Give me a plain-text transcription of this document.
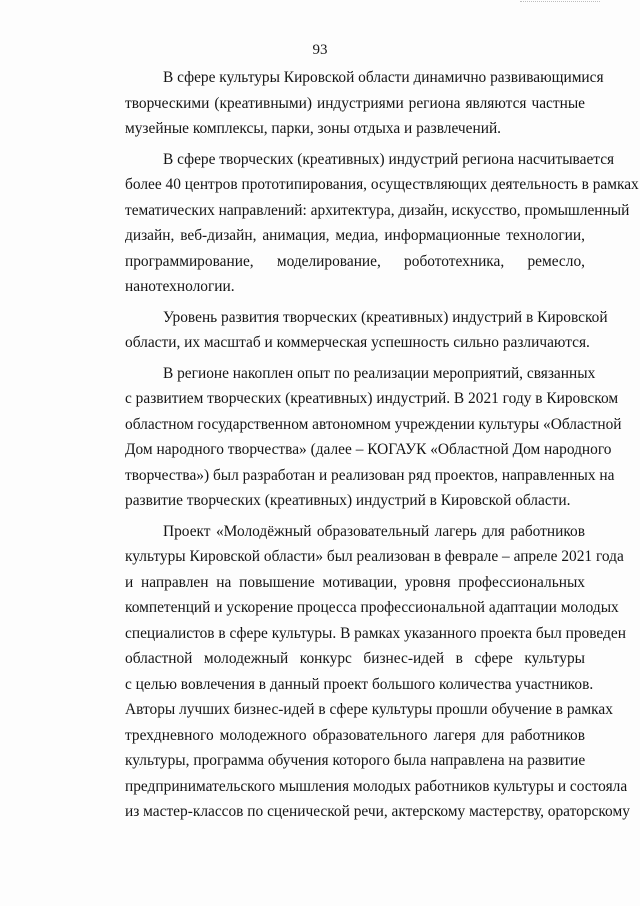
93

В сфере культуры Кировской области динамично развивающимися
творческими (креативными) индустриями региона являются частные
музейные комплексы, парки, зоны отдыха и развлечений.

В сфере творческих (креативных) индустрий региона насчитывается
более 40 центров прототипирования, осуществляющих деятельность в рамках
тематических направлений: архитектура, дизайн, искусство, промышленный
дизайн, веб-дизайн, анимация, медиа, информационные технологии,
программирование, моделирование, робототехника, ремесло,
нанотехнологии.

Уровень развития творческих (креативных) индустрий в Кировской
области, их масштаб и коммерческая успешность сильно различаются.

В регионе накоплен опыт по реализации мероприятий, связанных
с развитием творческих (креативных) индустрий. В 2021 году в Кировском
областном государственном автономном учреждении культуры «Областной
Дом народного творчества» (далее – КОГАУК «Областной Дом народного
творчества») был разработан и реализован ряд проектов, направленных на
развитие творческих (креативных) индустрий в Кировской области.

Проект «Молодёжный образовательный лагерь для работников
культуры Кировской области» был реализован в феврале – апреле 2021 года
и направлен на повышение мотивации, уровня профессиональных
компетенций и ускорение процесса профессиональной адаптации молодых
специалистов в сфере культуры. В рамках указанного проекта был проведен
областной молодежный конкурс бизнес-идей в сфере культуры
с целью вовлечения в данный проект большого количества участников.
Авторы лучших бизнес-идей в сфере культуры прошли обучение в рамках
трехдневного молодежного образовательного лагеря для работников
культуры, программа обучения которого была направлена на развитие
предпринимательского мышления молодых работников культуры и состояла
из мастер-классов по сценической речи, актерскому мастерству, ораторскому
